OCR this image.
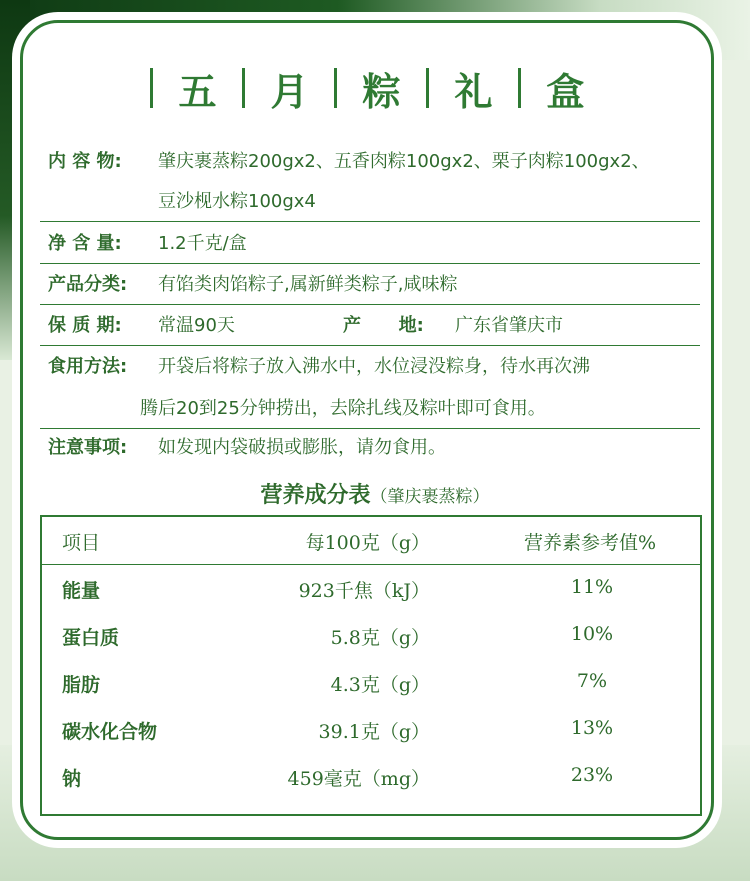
五	月	粽	礼	盒
内 容 物: 肇庆裹蒸粽200gx2、五香肉粽100gx2、栗子肉粽100gx2、
豆沙枧水粽100gx4
净 含 量: 1.2千克/盒
产品分类: 有馅类肉馅粽子,属新鲜类粽子,咸味粽
保 质 期: 常温90天	产      地: 广东省肇庆市
食用方法: 开袋后将粽子放入沸水中，水位浸没粽身，待水再次沸
腾后20到25分钟捞出，去除扎线及粽叶即可食用。
注意事项: 如发现内袋破损或膨胀，请勿食用。
营养成分表（肇庆裹蒸粽）
项目	每100克（g）	营养素参考值%
能量	923千焦（kJ）	11%
蛋白质	5.8克（g）	10%
脂肪	4.3克（g）	7%
碳水化合物	39.1克（g）	13%
钠	459毫克（mg）	23%
